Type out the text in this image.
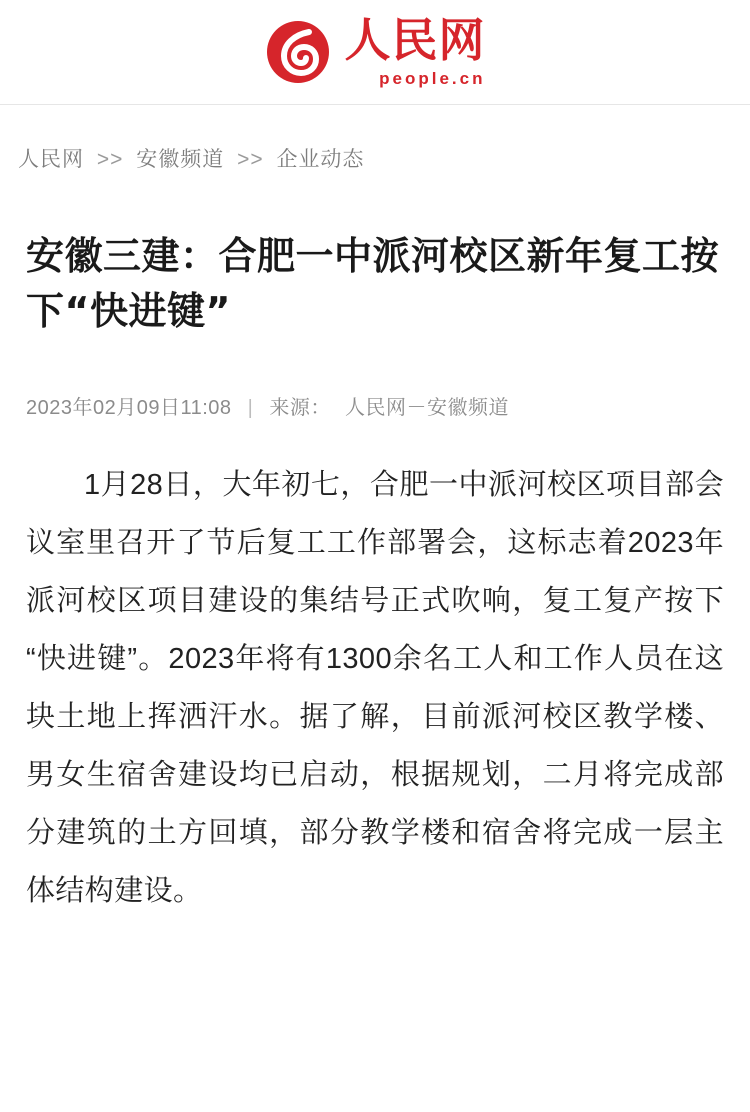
人民网
people.cn
人民网 >> 安徽频道 >> 企业动态
安徽三建：合肥一中派河校区新年复工按下“快进键”
2023年02月09日11:08 | 来源： 人民网－安徽频道

1月28日，大年初七，合肥一中派河校区项目部会议室里召开了节后复工工作部署会，这标志着2023年派河校区项目建设的集结号正式吹响，复工复产按下“快进键”。2023年将有1300余名工人和工作人员在这块土地上挥洒汗水。据了解，目前派河校区教学楼、男女生宿舍建设均已启动，根据规划，二月将完成部分建筑的土方回填，部分教学楼和宿舍将完成一层主体结构建设。
